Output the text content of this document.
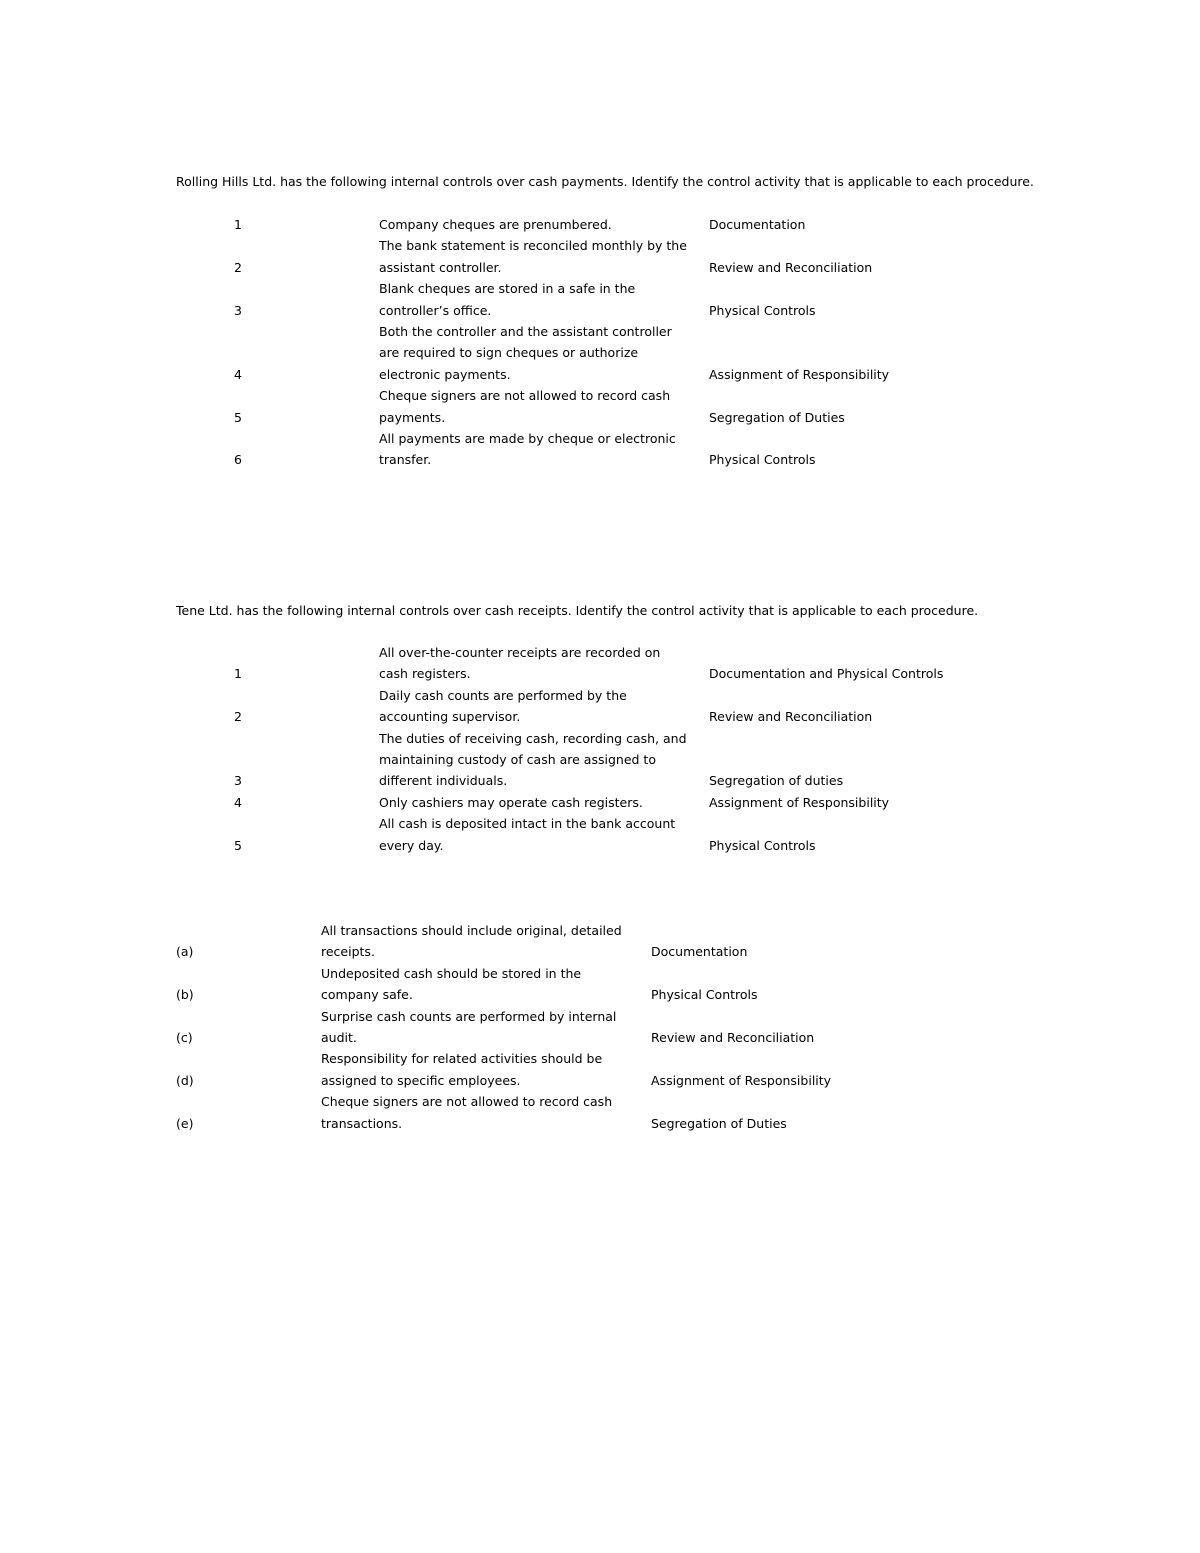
Rolling Hills Ltd. has the following internal controls over cash payments. Identify the control activity that is applicable to each procedure.
1	Company cheques are prenumbered.	Documentation
2
The bank statement is reconciled monthly by the
assistant controller.	Review and Reconciliation
3
Blank cheques are stored in a safe in the
controller’s office.	Physical Controls
4
Both the controller and the assistant controller
are required to sign cheques or authorize
electronic payments.	Assignment of Responsibility
5
Cheque signers are not allowed to record cash
payments.	Segregation of Duties
6
All payments are made by cheque or electronic
transfer.	Physical Controls
Tene Ltd. has the following internal controls over cash receipts. Identify the control activity that is applicable to each procedure.
1
All over-the-counter receipts are recorded on
cash registers.	Documentation and Physical Controls
2
Daily cash counts are performed by the
accounting supervisor.	Review and Reconciliation
3
The duties of receiving cash, recording cash, and
maintaining custody of cash are assigned to
different individuals.	Segregation of duties
4	Only cashiers may operate cash registers.	Assignment of Responsibility
5
All cash is deposited intact in the bank account
every day.	Physical Controls
(a)
All transactions should include original, detailed
receipts.	Documentation
(b)
Undeposited cash should be stored in the
company safe.	Physical Controls
(c)
Surprise cash counts are performed by internal
audit.	Review and Reconciliation
(d)
Responsibility for related activities should be
assigned to specific employees.	Assignment of Responsibility
(e)
Cheque signers are not allowed to record cash
transactions.	Segregation of Duties
